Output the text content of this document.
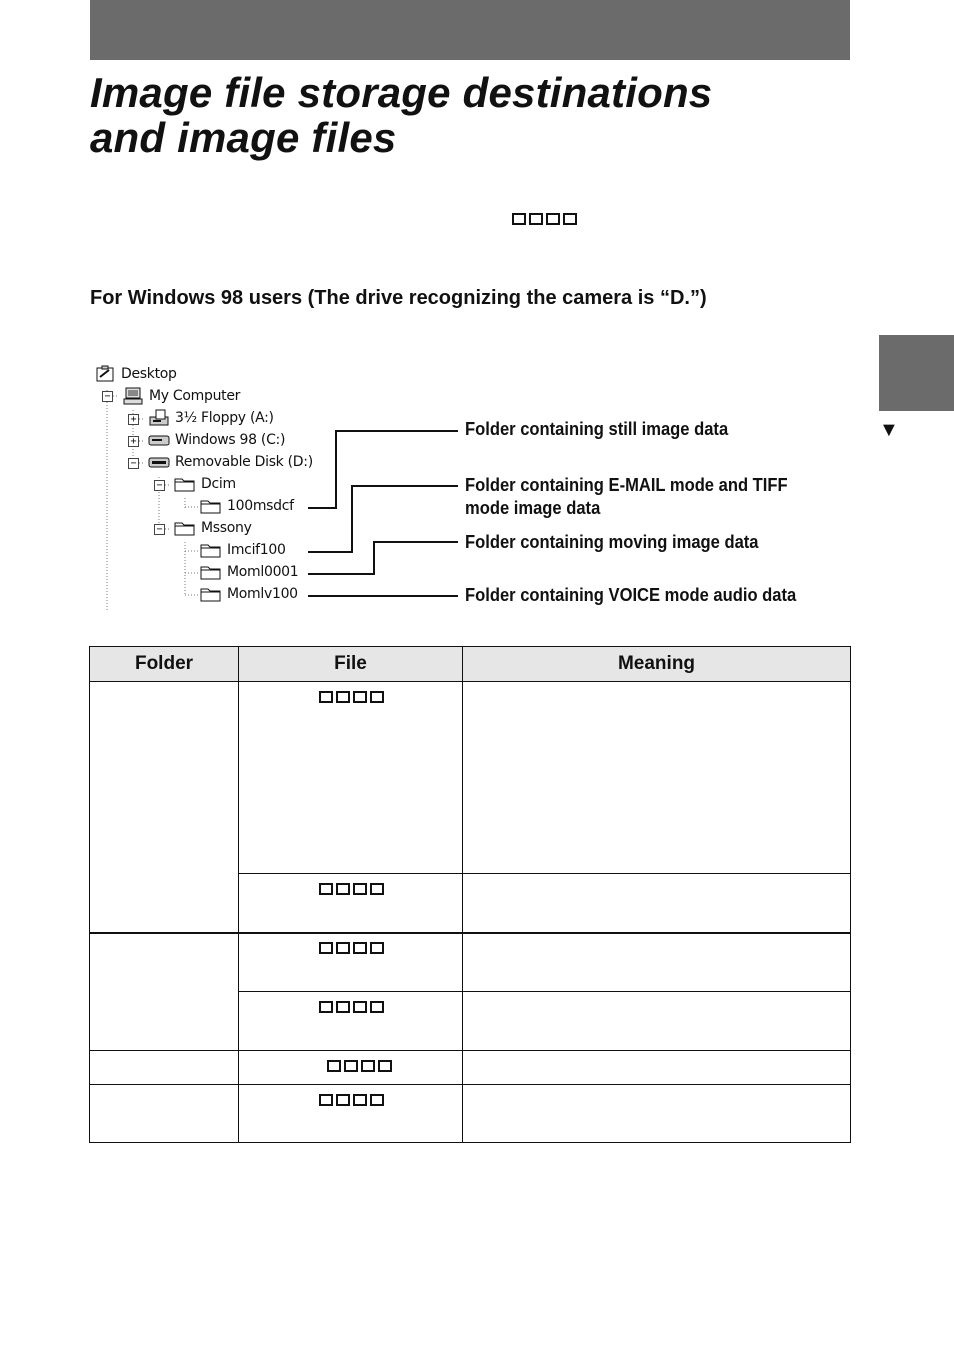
Image file storage destinations
and image files
For Windows 98 users (The drive recognizing the camera is “D.”)
▼
−
+
+
−
−
−
Desktop
My Computer
3½ Floppy (A:)
Windows 98 (C:)
Removable Disk (D:)
Dcim
100msdcf
Mssony
Imcif100
Moml0001
Momlv100

Folder containing still image data

Folder containing E-MAIL mode and TIFF mode image data

Folder containing moving image data

Folder containing VOICE mode audio data

Folder	File	Meaning
